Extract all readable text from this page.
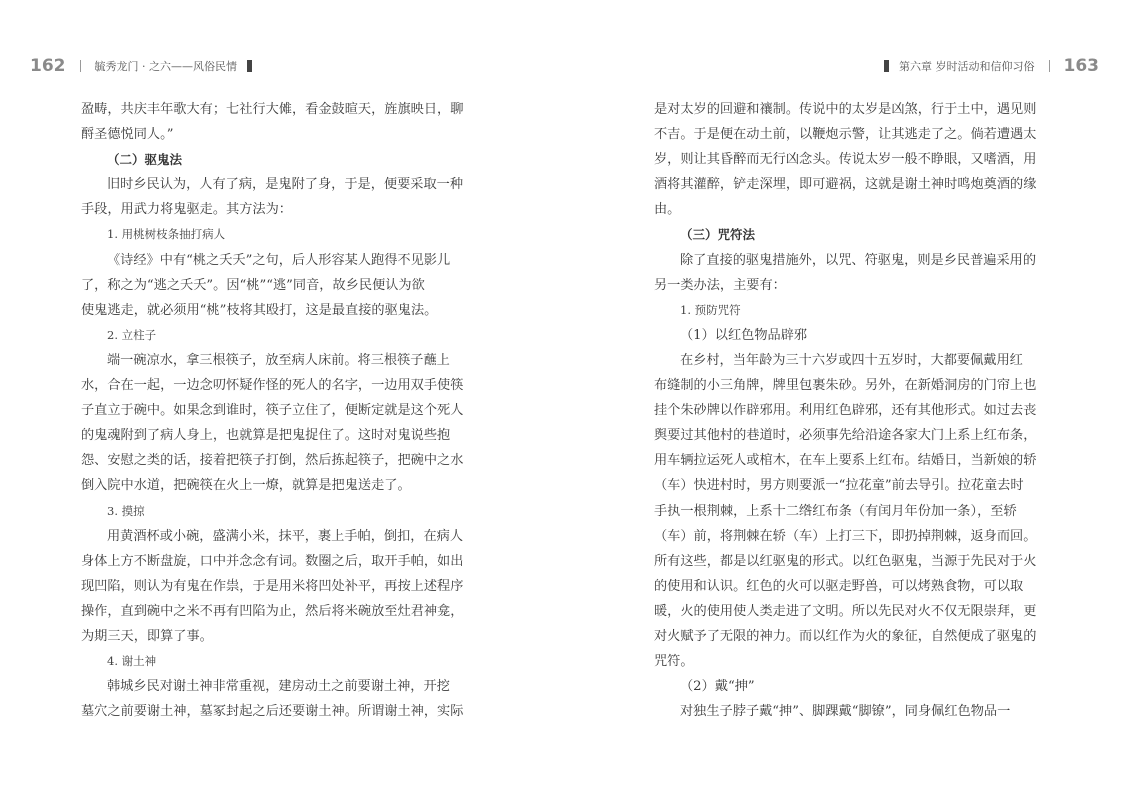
162	毓秀龙门 · 之六——风俗民情
盈畴，共庆丰年歌大有；七社行大傩，看金鼓暄天，旌旗映日，聊
酹圣德悦同人。”
（二）驱鬼法
旧时乡民认为，人有了病，是鬼附了身，于是，便要采取一种
手段，用武力将鬼驱走。其方法为：
1. 用桃树枝条抽打病人
《诗经》中有“桃之夭夭”之句，后人形容某人跑得不见影儿
了，称之为“逃之夭夭”。因“桃”“逃”同音，故乡民便认为欲
使鬼逃走，就必须用“桃”枝将其殴打，这是最直接的驱鬼法。
2. 立柱子
端一碗凉水，拿三根筷子，放至病人床前。将三根筷子蘸上
水，合在一起，一边念叨怀疑作怪的死人的名字，一边用双手使筷
子直立于碗中。如果念到谁时，筷子立住了，便断定就是这个死人
的鬼魂附到了病人身上，也就算是把鬼捉住了。这时对鬼说些抱
怨、安慰之类的话，接着把筷子打倒，然后拣起筷子，把碗中之水
倒入院中水道，把碗筷在火上一燎，就算是把鬼送走了。
3. 摸掠
用黄酒杯或小碗，盛满小米，抹平，裹上手帕，倒扣，在病人
身体上方不断盘旋，口中并念念有词。数圈之后，取开手帕，如出
现凹陷，则认为有鬼在作祟，于是用米将凹处补平，再按上述程序
操作，直到碗中之米不再有凹陷为止，然后将米碗放至灶君神龛，
为期三天，即算了事。
4. 谢土神
韩城乡民对谢土神非常重视，建房动土之前要谢土神，开挖
墓穴之前要谢土神，墓冢封起之后还要谢土神。所谓谢土神，实际
第六章 岁时活动和信仰习俗 163
是对太岁的回避和禳制。传说中的太岁是凶煞，行于土中，遇见则
不吉。于是便在动土前，以鞭炮示警，让其逃走了之。倘若遭遇太
岁，则让其昏醉而无行凶念头。传说太岁一般不睁眼，又嗜酒，用
酒将其灌醉，铲走深埋，即可避祸，这就是谢土神时鸣炮奠酒的缘
由。
（三）咒符法
除了直接的驱鬼措施外，以咒、符驱鬼，则是乡民普遍采用的
另一类办法，主要有：
1. 预防咒符
（1）以红色物品辟邪
在乡村，当年龄为三十六岁或四十五岁时，大都要佩戴用红
布缝制的小三角牌，牌里包裹朱砂。另外，在新婚洞房的门帘上也
挂个朱砂牌以作辟邪用。利用红色辟邪，还有其他形式。如过去丧
舆要过其他村的巷道时，必须事先给沿途各家大门上系上红布条，
用车辆拉运死人或棺木，在车上要系上红布。结婚日，当新娘的轿
（车）快进村时，男方则要派一“拉花童”前去导引。拉花童去时
手执一根荆棘，上系十二绺红布条（有闰月年份加一条），至轿
（车）前，将荆棘在轿（车）上打三下，即扔掉荆棘，返身而回。
所有这些，都是以红驱鬼的形式。以红色驱鬼，当源于先民对于火
的使用和认识。红色的火可以驱走野兽，可以烤熟食物，可以取
暖，火的使用使人类走进了文明。所以先民对火不仅无限崇拜，更
对火赋予了无限的神力。而以红作为火的象征，自然便成了驱鬼的
咒符。
（2）戴“抻”
对独生子脖子戴“抻”、脚踝戴“脚镣”，同身佩红色物品一
